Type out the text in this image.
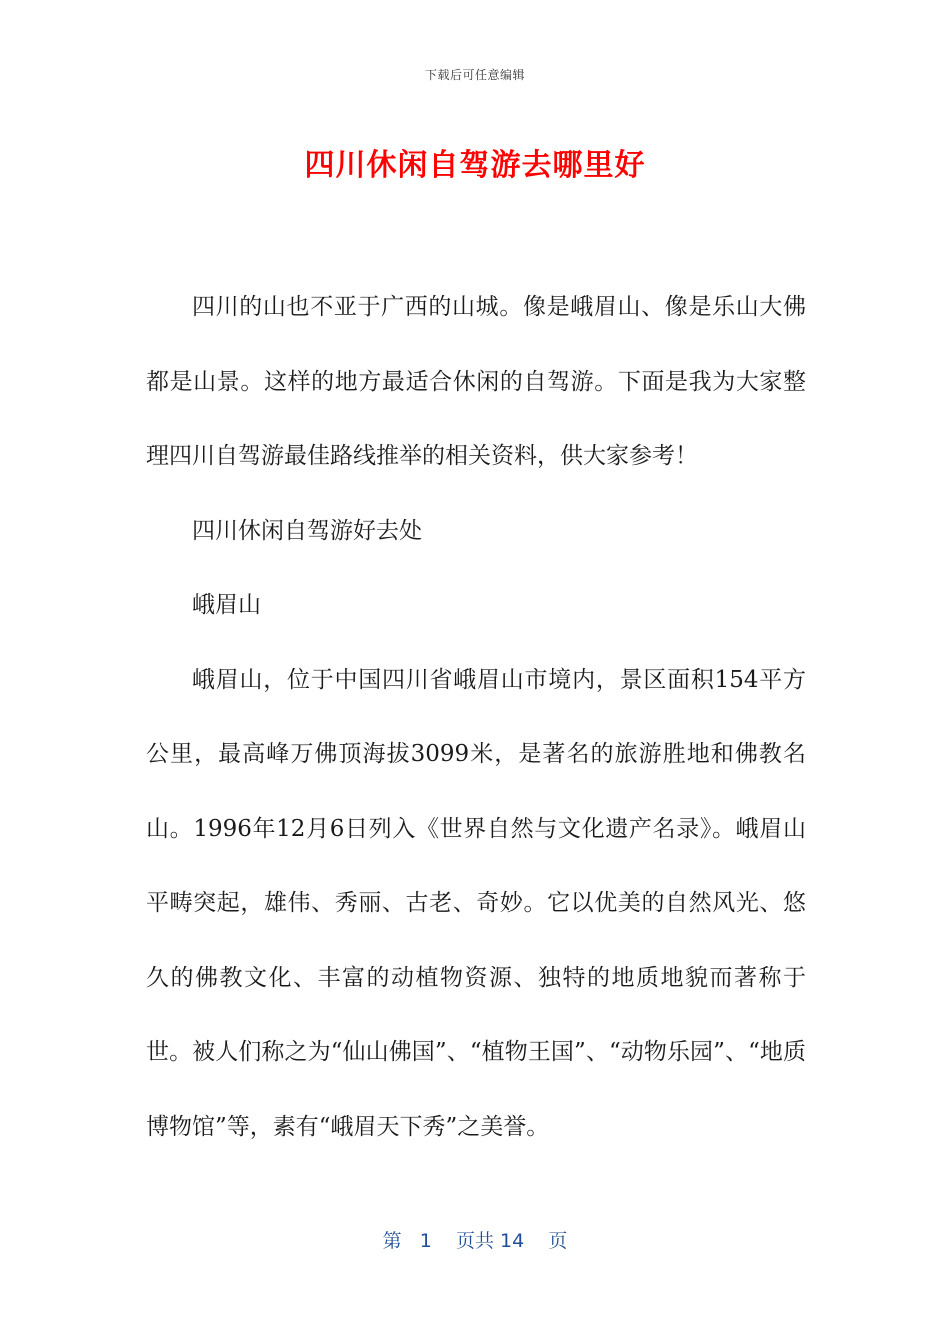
下载后可任意编辑
四川休闲自驾游去哪里好

四川的山也不亚于广西的山城。像是峨眉山、像是乐山大佛都是山景。这样的地方最适合休闲的自驾游。下面是我为大家整理四川自驾游最佳路线推举的相关资料，供大家参考！

四川休闲自驾游好去处

峨眉山

峨眉山，位于中国四川省峨眉山市境内，景区面积154平方公里，最高峰万佛顶海拔3099米，是著名的旅游胜地和佛教名山。1996年12月6日列入《世界自然与文化遗产名录》。峨眉山平畴突起，雄伟、秀丽、古老、奇妙。它以优美的自然风光、悠久的佛教文化、丰富的动植物资源、独特的地质地貌而著称于世。被人们称之为“仙山佛国”、“植物王国”、“动物乐园”、“地质博物馆”等，素有“峨眉天下秀”之美誉。

第 1 页共 14 页
